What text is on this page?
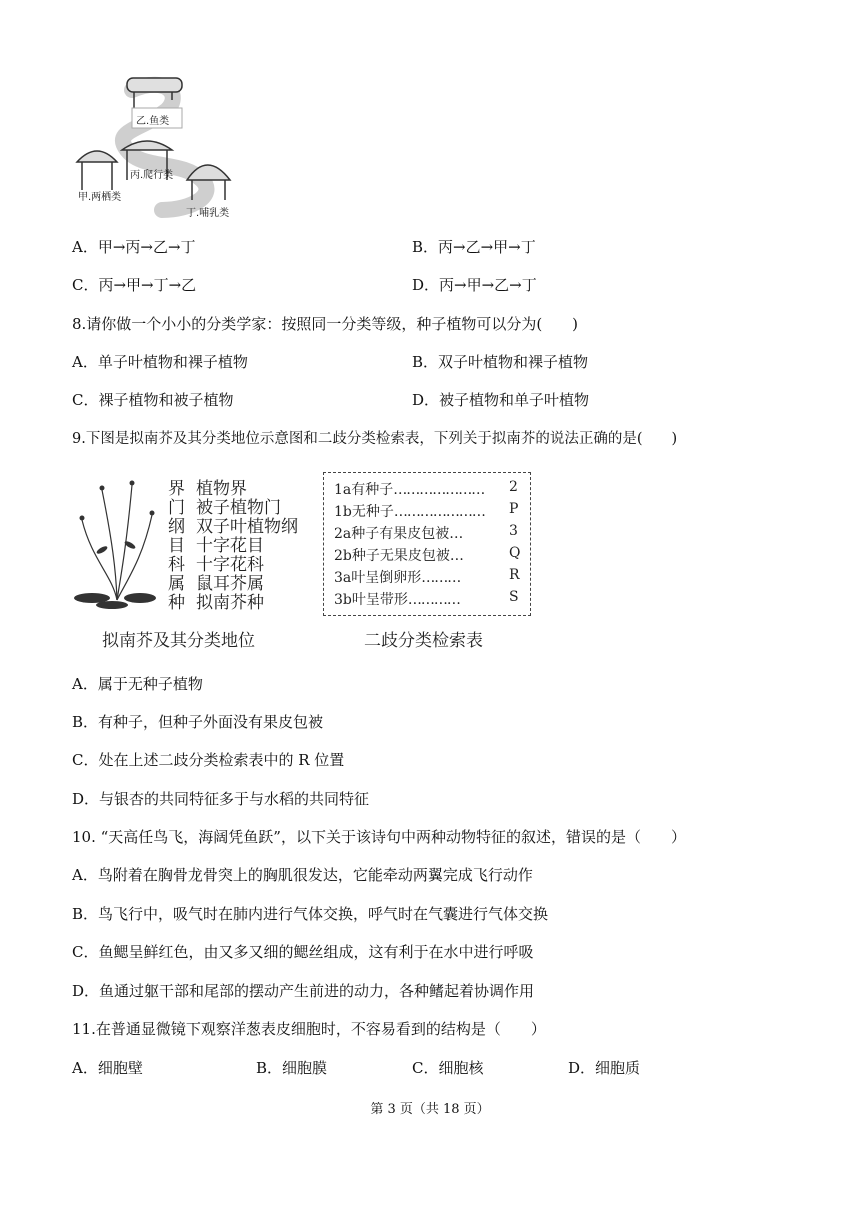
乙.鱼类
丙.爬行类
甲.两栖类
丁.哺乳类
A．甲→丙→乙→丁	B．丙→乙→甲→丁
C．丙→甲→丁→乙	D．丙→甲→乙→丁
8.请你做一个小小的分类学家：按照同一分类等级，种子植物可以分为(　　)
A．单子叶植物和裸子植物	B．双子叶植物和裸子植物
C．裸子植物和被子植物	D．被子植物和单子叶植物
9.下图是拟南芥及其分类地位示意图和二歧分类检索表，下列关于拟南芥的说法正确的是(　　)
界 植物界
门 被子植物门
纲 双子叶植物纲
目 十字花目
科 十字花科
属 鼠耳芥属
种 拟南芥种
1a有种子………………… 2
1b无种子………………… P
2a种子有果皮包被…	3
2b种子无果皮包被…	Q
3a叶呈倒卵形………	R
3b叶呈带形…………	S
拟南芥及其分类地位	二歧分类检索表
A．属于无种子植物
B．有种子，但种子外面没有果皮包被
C．处在上述二歧分类检索表中的 R 位置
D．与银杏的共同特征多于与水稻的共同特征
10. “天高任鸟飞，海阔凭鱼跃”，以下关于该诗句中两种动物特征的叙述，错误的是（　　）
A．鸟附着在胸骨龙骨突上的胸肌很发达，它能牵动两翼完成飞行动作
B．鸟飞行中，吸气时在肺内进行气体交换，呼气时在气囊进行气体交换
C．鱼鳃呈鲜红色，由又多又细的鳃丝组成，这有利于在水中进行呼吸
D．鱼通过躯干部和尾部的摆动产生前进的动力，各种鳍起着协调作用
11.在普通显微镜下观察洋葱表皮细胞时，不容易看到的结构是（　　）
A．细胞壁	B．细胞膜	C．细胞核	D．细胞质
第 3 页（共 18 页）
